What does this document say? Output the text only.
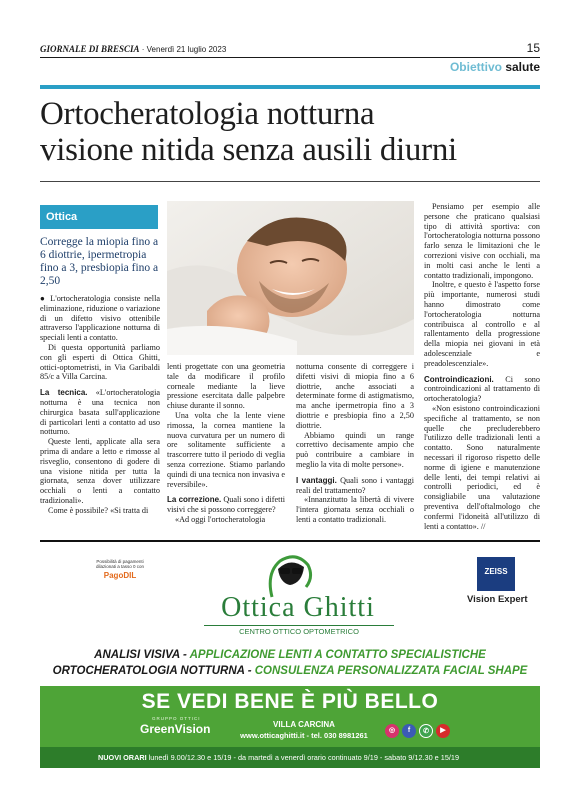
GIORNALE DI BRESCIA · Venerdì 21 luglio 2023	15
Obiettivo salute
Ortocheratologia notturna
visione nitida senza ausili diurni
Ottica
Corregge la miopia fino a 6 diottrie, ipermetropia fino a 3, presbiopia fino a 2,50

● L'ortocheratologia consiste nella eliminazione, riduzione o variazione di un difetto visivo ottenibile attraverso l'applicazione notturna di speciali lenti a contatto.

Di questa opportunità parliamo con gli esperti di Ottica Ghitti, ottici-optometristi, in Via Garibaldi 85/c a Villa Carcina.

La tecnica. «L'ortocheratologia notturna è una tecnica non chirurgica basata sull'applicazione di particolari lenti a contatto ad uso notturno.

Queste lenti, applicate alla sera prima di andare a letto e rimosse al risveglio, consentono di godere di una visione nitida per tutta la giornata, senza dover utilizzare occhiali o lenti a contatto tradizionali».

Come è possibile? «Si tratta di

lenti progettate con una geometria tale da modificare il profilo corneale mediante la lieve pressione esercitata dalle palpebre chiuse durante il sonno.

Una volta che la lente viene rimossa, la cornea mantiene la nuova curvatura per un numero di ore solitamente sufficiente a trascorrere tutto il periodo di veglia senza correzione. Stiamo parlando quindi di una tecnica non invasiva e reversibile».

La correzione. Quali sono i difetti visivi che si possono correggere?

«Ad oggi l'ortocheratologia

notturna consente di correggere i difetti visivi di miopia fino a 6 diottrie, anche associati a determinate forme di astigmatismo, ma anche ipermetropia fino a 3 diottrie e presbiopia fino a 2,50 diottrie.

Abbiamo quindi un range correttivo decisamente ampio che può contribuire a cambiare in meglio la vita di molte persone».

I vantaggi. Quali sono i vantaggi reali del trattamento?

«Innanzitutto la libertà di vivere l'intera giornata senza occhiali o lenti a contatto tradizionali.

Pensiamo per esempio alle persone che praticano qualsiasi tipo di attività sportiva: con l'ortocheratologia notturna possono farlo senza le limitazioni che le correzioni visive con occhiali, ma in molti casi anche le lenti a contatto tradizionali, impongono.

Inoltre, e questo è l'aspetto forse più importante, numerosi studi hanno dimostrato come l'ortocheratologia notturna contribuisca al controllo e al rallentamento della progressione della miopia nei giovani in età adolescenziale e preadolescenziale».

Controindicazioni. Ci sono controindicazioni al trattamento di ortocheratologia?

«Non esistono controindicazioni specifiche al trattamento, se non quelle che precluderebbero l'utilizzo delle tradizionali lenti a contatto. Sono naturalmente necessari il rigoroso rispetto delle norme di igiene e manutenzione delle lenti, dei tempi relativi ai controlli periodici, ed è consigliabile una valutazione preventiva dell'oftalmologo che confermi l'idoneità all'utilizzo di lenti a contatto». //

Possibilità di pagamenti dilazionati a tasso 0 con
PagoDIL
Ottica Ghitti
CENTRO OTTICO OPTOMETRICO
ZEISS
Vision Expert
ANALISI VISIVA - APPLICAZIONE LENTI A CONTATTO SPECIALISTICHE
ORTOCHERATOLOGIA NOTTURNA - CONSULENZA PERSONALIZZATA FACIAL SHAPE
SE VEDI BENE È PIÙ BELLO
GRUPPO OTTICI
GreenVision	VILLA CARCINA
www.otticaghitti.it - tel. 030 8981261
◎	f	✆	▶
NUOVI ORARI lunedì 9.00/12.30 e 15/19 - da martedì a venerdì orario continuato 9/19 - sabato 9/12.30 e 15/19
